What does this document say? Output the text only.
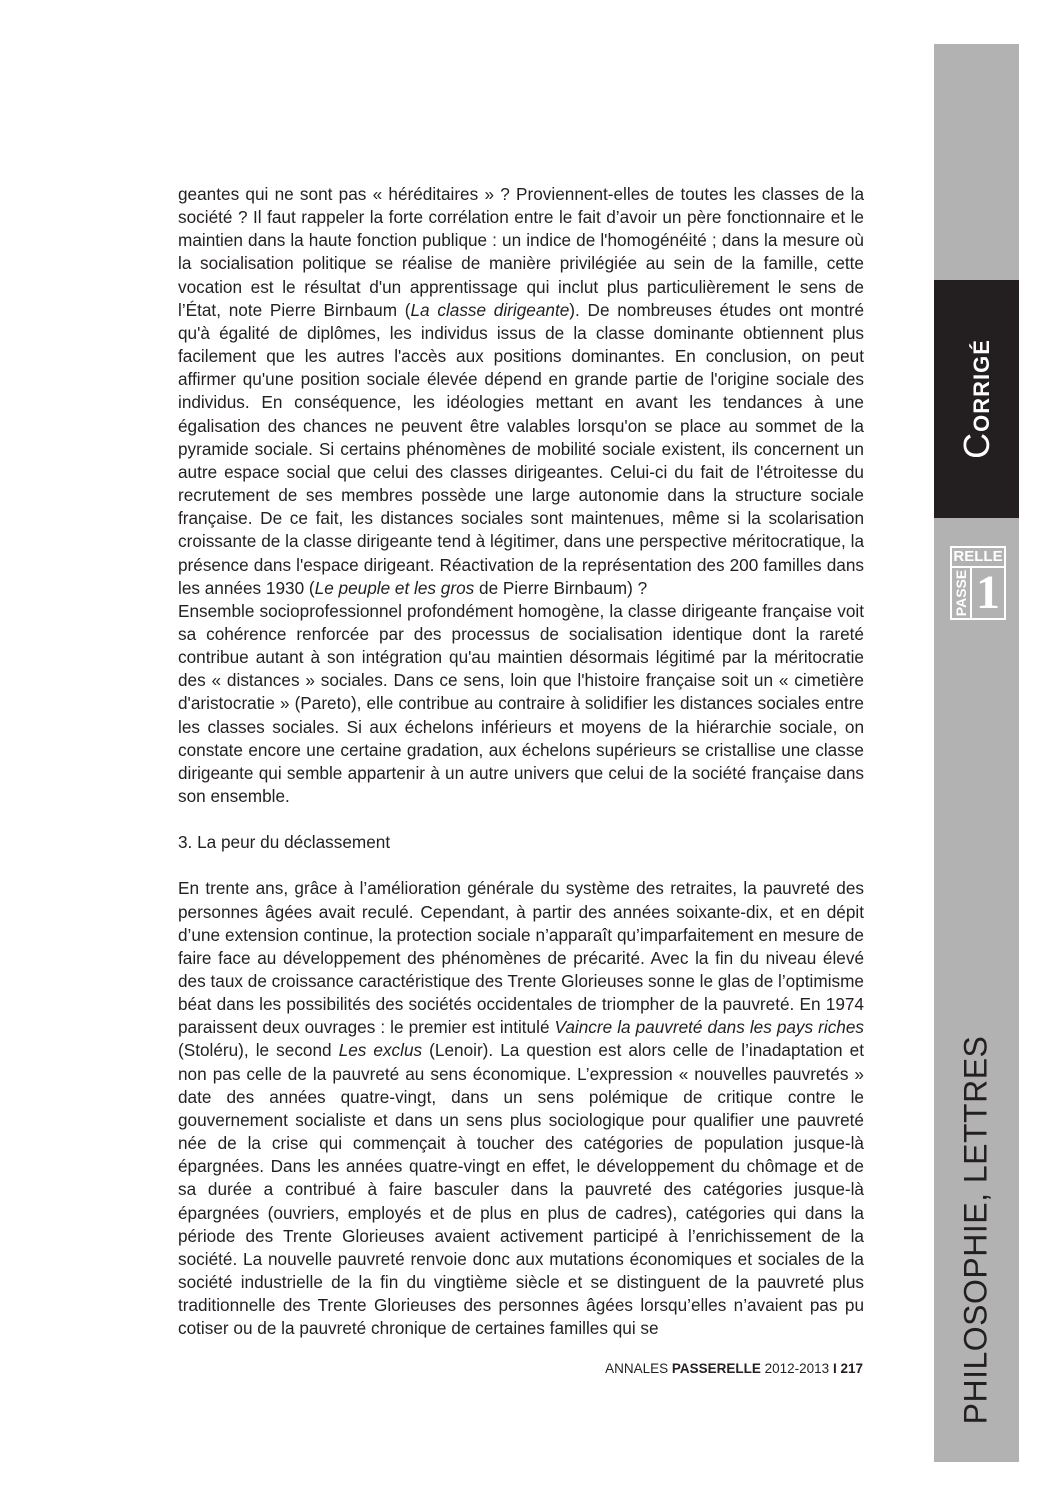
geantes qui ne sont pas « héréditaires » ? Proviennent-elles de toutes les classes de la société ? Il faut rappeler la forte corrélation entre le fait d’avoir un père fonctionnaire et le maintien dans la haute fonction publique : un indice de l'homogénéité ; dans la mesure où la socialisation politique se réalise de manière privilégiée au sein de la famille, cette vocation est le résultat d'un apprentissage qui inclut plus particulièrement le sens de l’État, note Pierre Birnbaum (La classe dirigeante). De nombreuses études ont montré qu'à égalité de diplômes, les individus issus de la classe dominante obtiennent plus facilement que les autres l'accès aux positions dominantes. En conclusion, on peut affirmer qu'une position sociale élevée dépend en grande partie de l'origine sociale des individus. En conséquence, les idéologies mettant en avant les tendances à une égalisation des chances ne peuvent être valables lorsqu'on se place au sommet de la pyramide sociale. Si certains phénomènes de mobilité sociale existent, ils concernent un autre espace social que celui des classes dirigeantes. Celui-ci du fait de l'étroitesse du recrutement de ses membres possède une large autonomie dans la structure sociale française. De ce fait, les distances sociales sont maintenues, même si la scolarisation croissante de la classe dirigeante tend à légitimer, dans une perspective méritocratique, la présence dans l'espace dirigeant. Réactivation de la représentation des 200 familles dans les années 1930 (Le peuple et les gros de Pierre Birnbaum) ?

Ensemble socioprofessionnel profondément homogène, la classe dirigeante française voit sa cohérence renforcée par des processus de socialisation identique dont la rareté contribue autant à son intégration qu'au maintien désormais légitimé par la méritocratie des « distances » sociales. Dans ce sens, loin que l'histoire française soit un « cimetière d'aristocratie » (Pareto), elle contribue au contraire à solidifier les distances sociales entre les classes sociales. Si aux échelons inférieurs et moyens de la hiérarchie sociale, on constate encore une certaine gradation, aux échelons supérieurs se cristallise une classe dirigeante qui semble appartenir à un autre univers que celui de la société française dans son ensemble.

3. La peur du déclassement

En trente ans, grâce à l’amélioration générale du système des retraites, la pauvreté des personnes âgées avait reculé. Cependant, à partir des années soixante-dix, et en dépit d’une extension continue, la protection sociale n’apparaît qu’imparfaitement en mesure de faire face au développement des phénomènes de précarité. Avec la fin du niveau élevé des taux de croissance caractéristique des Trente Glorieuses sonne le glas de l’optimisme béat dans les possibilités des sociétés occidentales de triompher de la pauvreté. En 1974 paraissent deux ouvrages : le premier est intitulé Vaincre la pauvreté dans les pays riches (Stoléru), le second Les exclus (Lenoir). La question est alors celle de l’inadaptation et non pas celle de la pauvreté au sens économique. L’expression « nouvelles pauvretés » date des années quatre-vingt, dans un sens polémique de critique contre le gouvernement socialiste et dans un sens plus sociologique pour qualifier une pauvreté née de la crise qui commençait à toucher des catégories de population jusque-là épargnées. Dans les années quatre-vingt en effet, le développement du chômage et de sa durée a contribué à faire basculer dans la pauvreté des catégories jusque-là épargnées (ouvriers, employés et de plus en plus de cadres), catégories qui dans la période des Trente Glorieuses avaient activement participé à l’enrichissement de la société. La nouvelle pauvreté renvoie donc aux mutations économiques et sociales de la société industrielle de la fin du vingtième siècle et se distinguent de la pauvreté plus traditionnelle des Trente Glorieuses des personnes âgées lorsqu’elles n’avaient pas pu cotiser ou de la pauvreté chronique de certaines familles qui se

CORRIGÉ
RELLE
PASSE 1
PHILOSOPHIE, LETTRES
ANNALES PASSERELLE 2012-2013 I 217
